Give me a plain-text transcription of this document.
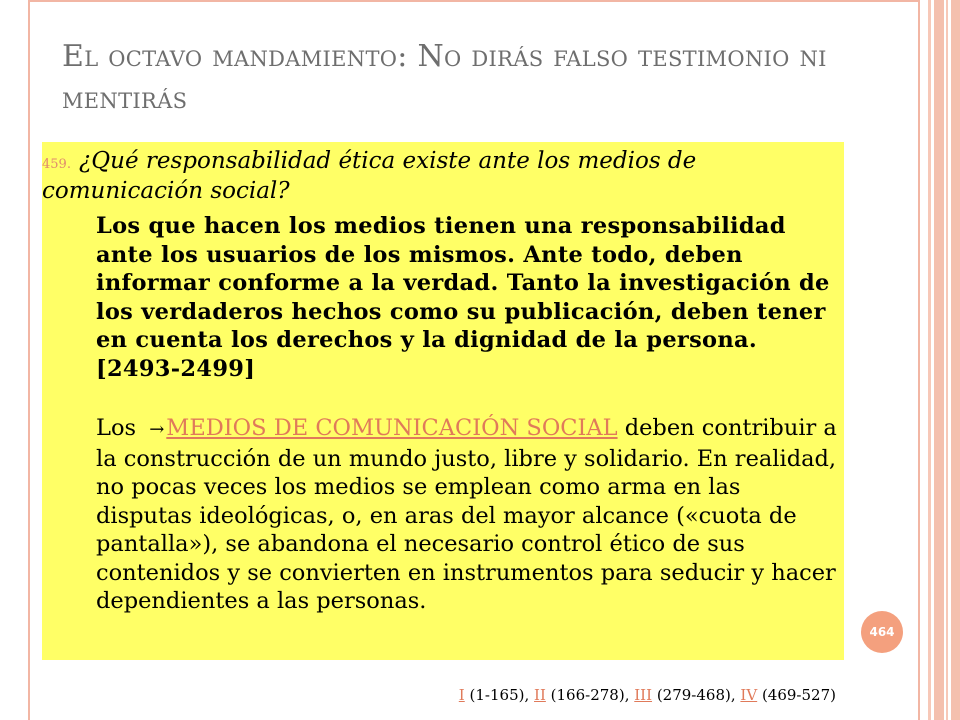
El octavo mandamiento: No dirás falso testimonio ni mentirás
459. ¿Qué responsabilidad ética existe ante los medios de comunicación social?
Los que hacen los medios tienen una responsabilidad ante los usuarios de los mismos. Ante todo, deben informar conforme a la verdad. Tanto la investigación de los verdaderos hechos como su publicación, deben tener en cuenta los derechos y la dignidad de la persona. [2493-2499]
Los →MEDIOS DE COMUNICACIÓN SOCIAL deben contribuir a la construcción de un mundo justo, libre y solidario. En realidad, no pocas veces los medios se emplean como arma en las disputas ideológicas, o, en aras del mayor alcance («cuota de pantalla»), se abandona el necesario control ético de sus contenidos y se convierten en instrumentos para seducir y hacer dependientes a las personas.
464
I (1-165), II (166-278), III (279-468), IV (469-527)
